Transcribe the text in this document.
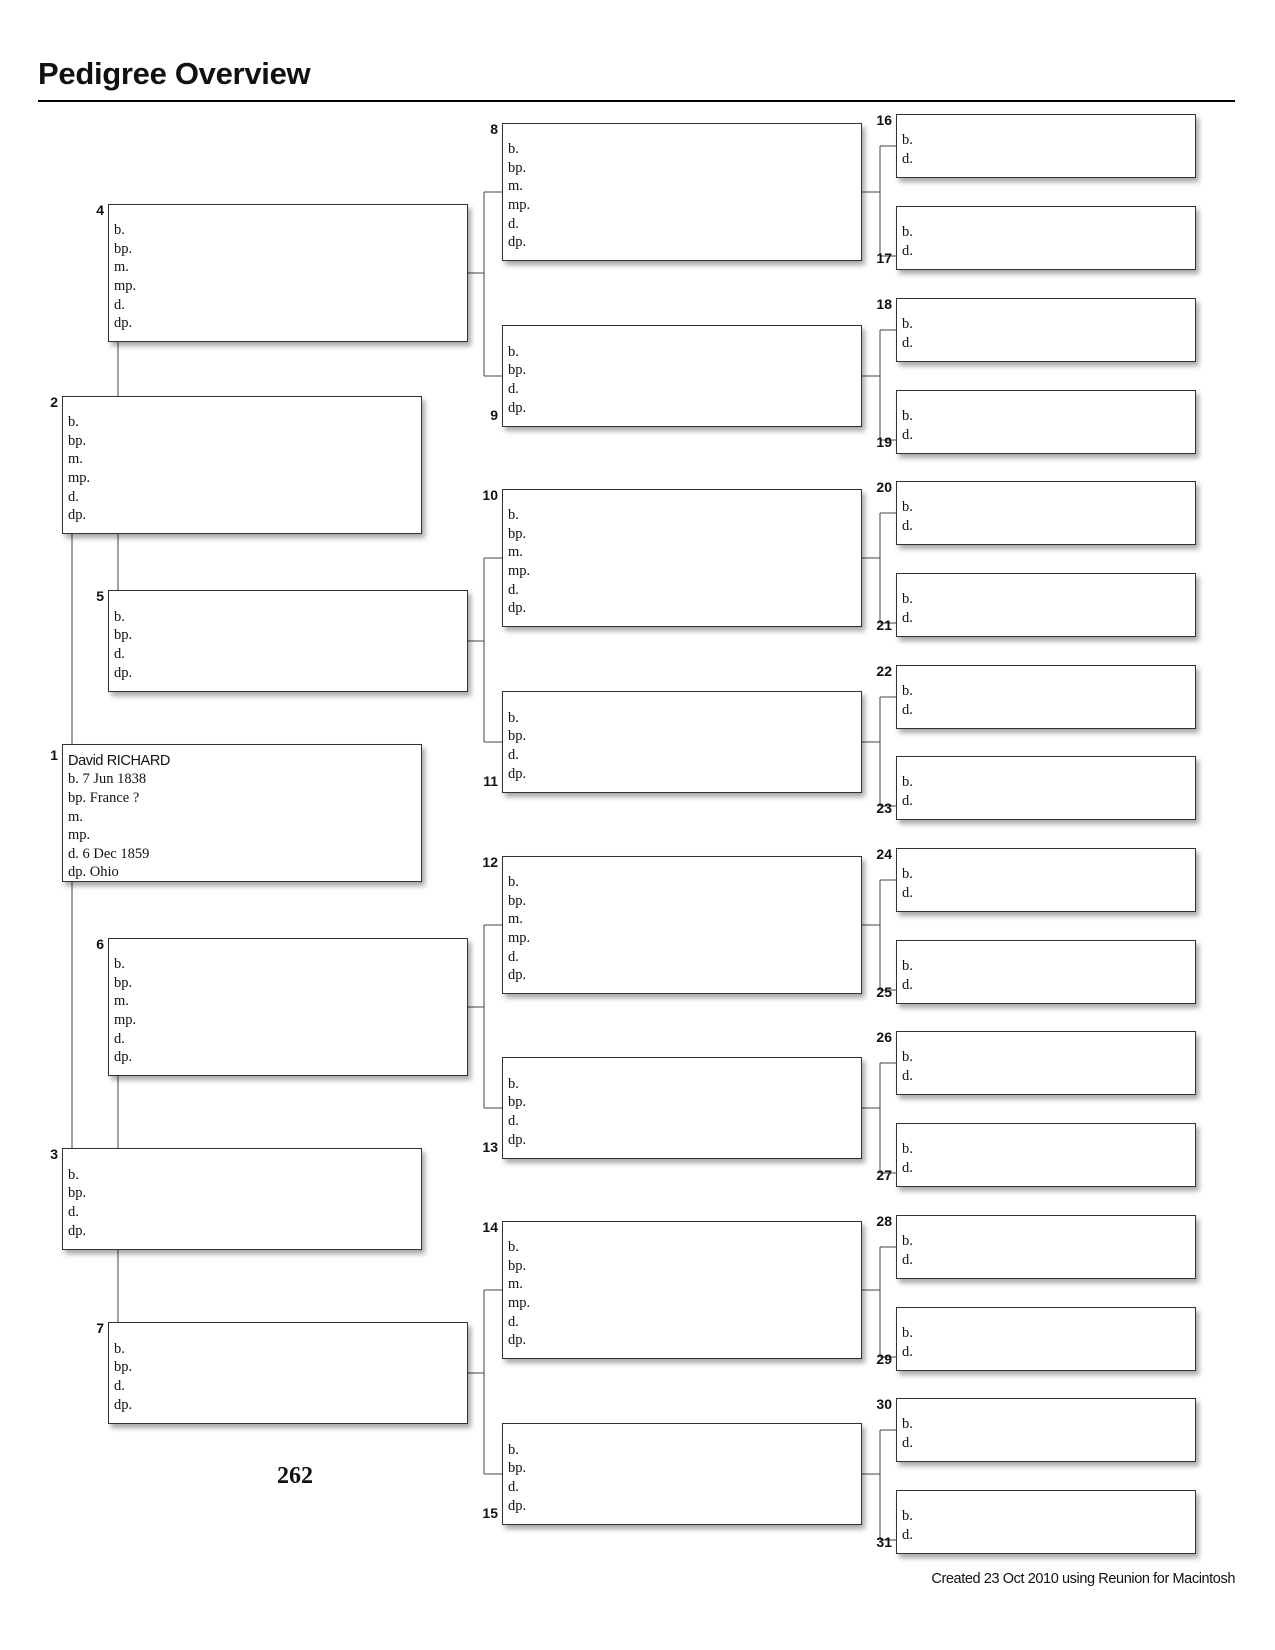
Pedigree Overview
David RICHARD
b. 7 Jun 1838
bp. France ?
m.
mp.
d. 6 Dec 1859
dp. Ohio
1
b.
bp.
m.
mp.
d.
dp.
2
b.
bp.
d.
dp.
3
b.
bp.
m.
mp.
d.
dp.
4
b.
bp.
d.
dp.
5
b.
bp.
m.
mp.
d.
dp.
6
b.
bp.
d.
dp.
7
b.
bp.
m.
mp.
d.
dp.
8
b.
bp.
d.
dp.
9
b.
bp.
m.
mp.
d.
dp.
10
b.
bp.
d.
dp.
11
b.
bp.
m.
mp.
d.
dp.
12
b.
bp.
d.
dp.
13
b.
bp.
m.
mp.
d.
dp.
14
b.
bp.
d.
dp.
15
b.
d.
16
b.
d.
17
b.
d.
18
b.
d.
19
b.
d.
20
b.
d.
21
b.
d.
22
b.
d.
23
b.
d.
24
b.
d.
25
b.
d.
26
b.
d.
27
b.
d.
28
b.
d.
29
b.
d.
30
b.
d.
31
262
Created 23 Oct 2010 using Reunion for Macintosh
